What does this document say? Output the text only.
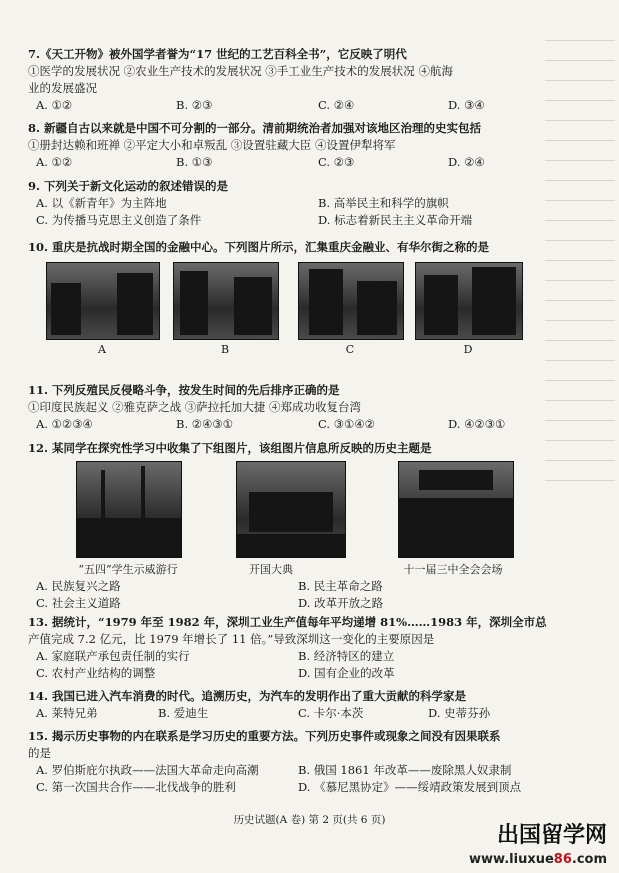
7.《天工开物》被外国学者誉为“17 世纪的工艺百科全书”，它反映了明代
①医学的发展状况 ②农业生产技术的发展状况 ③手工业生产技术的发展状况 ④航海
业的发展盛况
A. ①②	B. ②③	C. ②④	D. ③④
8. 新疆自古以来就是中国不可分割的一部分。清前期统治者加强对该地区治理的史实包括
①册封达赖和班禅 ②平定大小和卓叛乱 ③设置驻藏大臣 ④设置伊犁将军
A. ①②	B. ①③	C. ②③	D. ②④
9. 下列关于新文化运动的叙述错误的是
A. 以《新青年》为主阵地	B. 高举民主和科学的旗帜
C. 为传播马克思主义创造了条件	D. 标志着新民主主义革命开端
10. 重庆是抗战时期全国的金融中心。下列图片所示，汇集重庆金融业、有华尔街之称的是
A	B	C	D
11. 下列反殖民反侵略斗争，按发生时间的先后排序正确的是
①印度民族起义 ②雅克萨之战 ③萨拉托加大捷 ④郑成功收复台湾
A. ①②③④	B. ②④③①	C. ③①④②	D. ④②③①
12. 某同学在探究性学习中收集了下组图片，该组图片信息所反映的历史主题是
“五四”学生示威游行	开国大典	十一届三中全会会场
A. 民族复兴之路	B. 民主革命之路
C. 社会主义道路	D. 改革开放之路
13. 据统计，“1979 年至 1982 年，深圳工业生产值每年平均递增 81%……1983 年，深圳全市总
产值完成 7.2 亿元，比 1979 年增长了 11 倍。”导致深圳这一变化的主要原因是
A. 家庭联产承包责任制的实行	B. 经济特区的建立
C. 农村产业结构的调整	D. 国有企业的改革
14. 我国已进入汽车消费的时代。追溯历史，为汽车的发明作出了重大贡献的科学家是
A. 莱特兄弟	B. 爱迪生	C. 卡尔·本茨	D. 史蒂芬孙
15. 揭示历史事物的内在联系是学习历史的重要方法。下列历史事件或现象之间没有因果联系
的是
A. 罗伯斯庇尔执政——法国大革命走向高潮	B. 俄国 1861 年改革——废除黑人奴隶制
C. 第一次国共合作——北伐战争的胜利	D. 《慕尼黑协定》——绥靖政策发展到顶点
历史试题(A 卷) 第 2 页(共 6 页)
出国留学网
www.liuxue86.com
